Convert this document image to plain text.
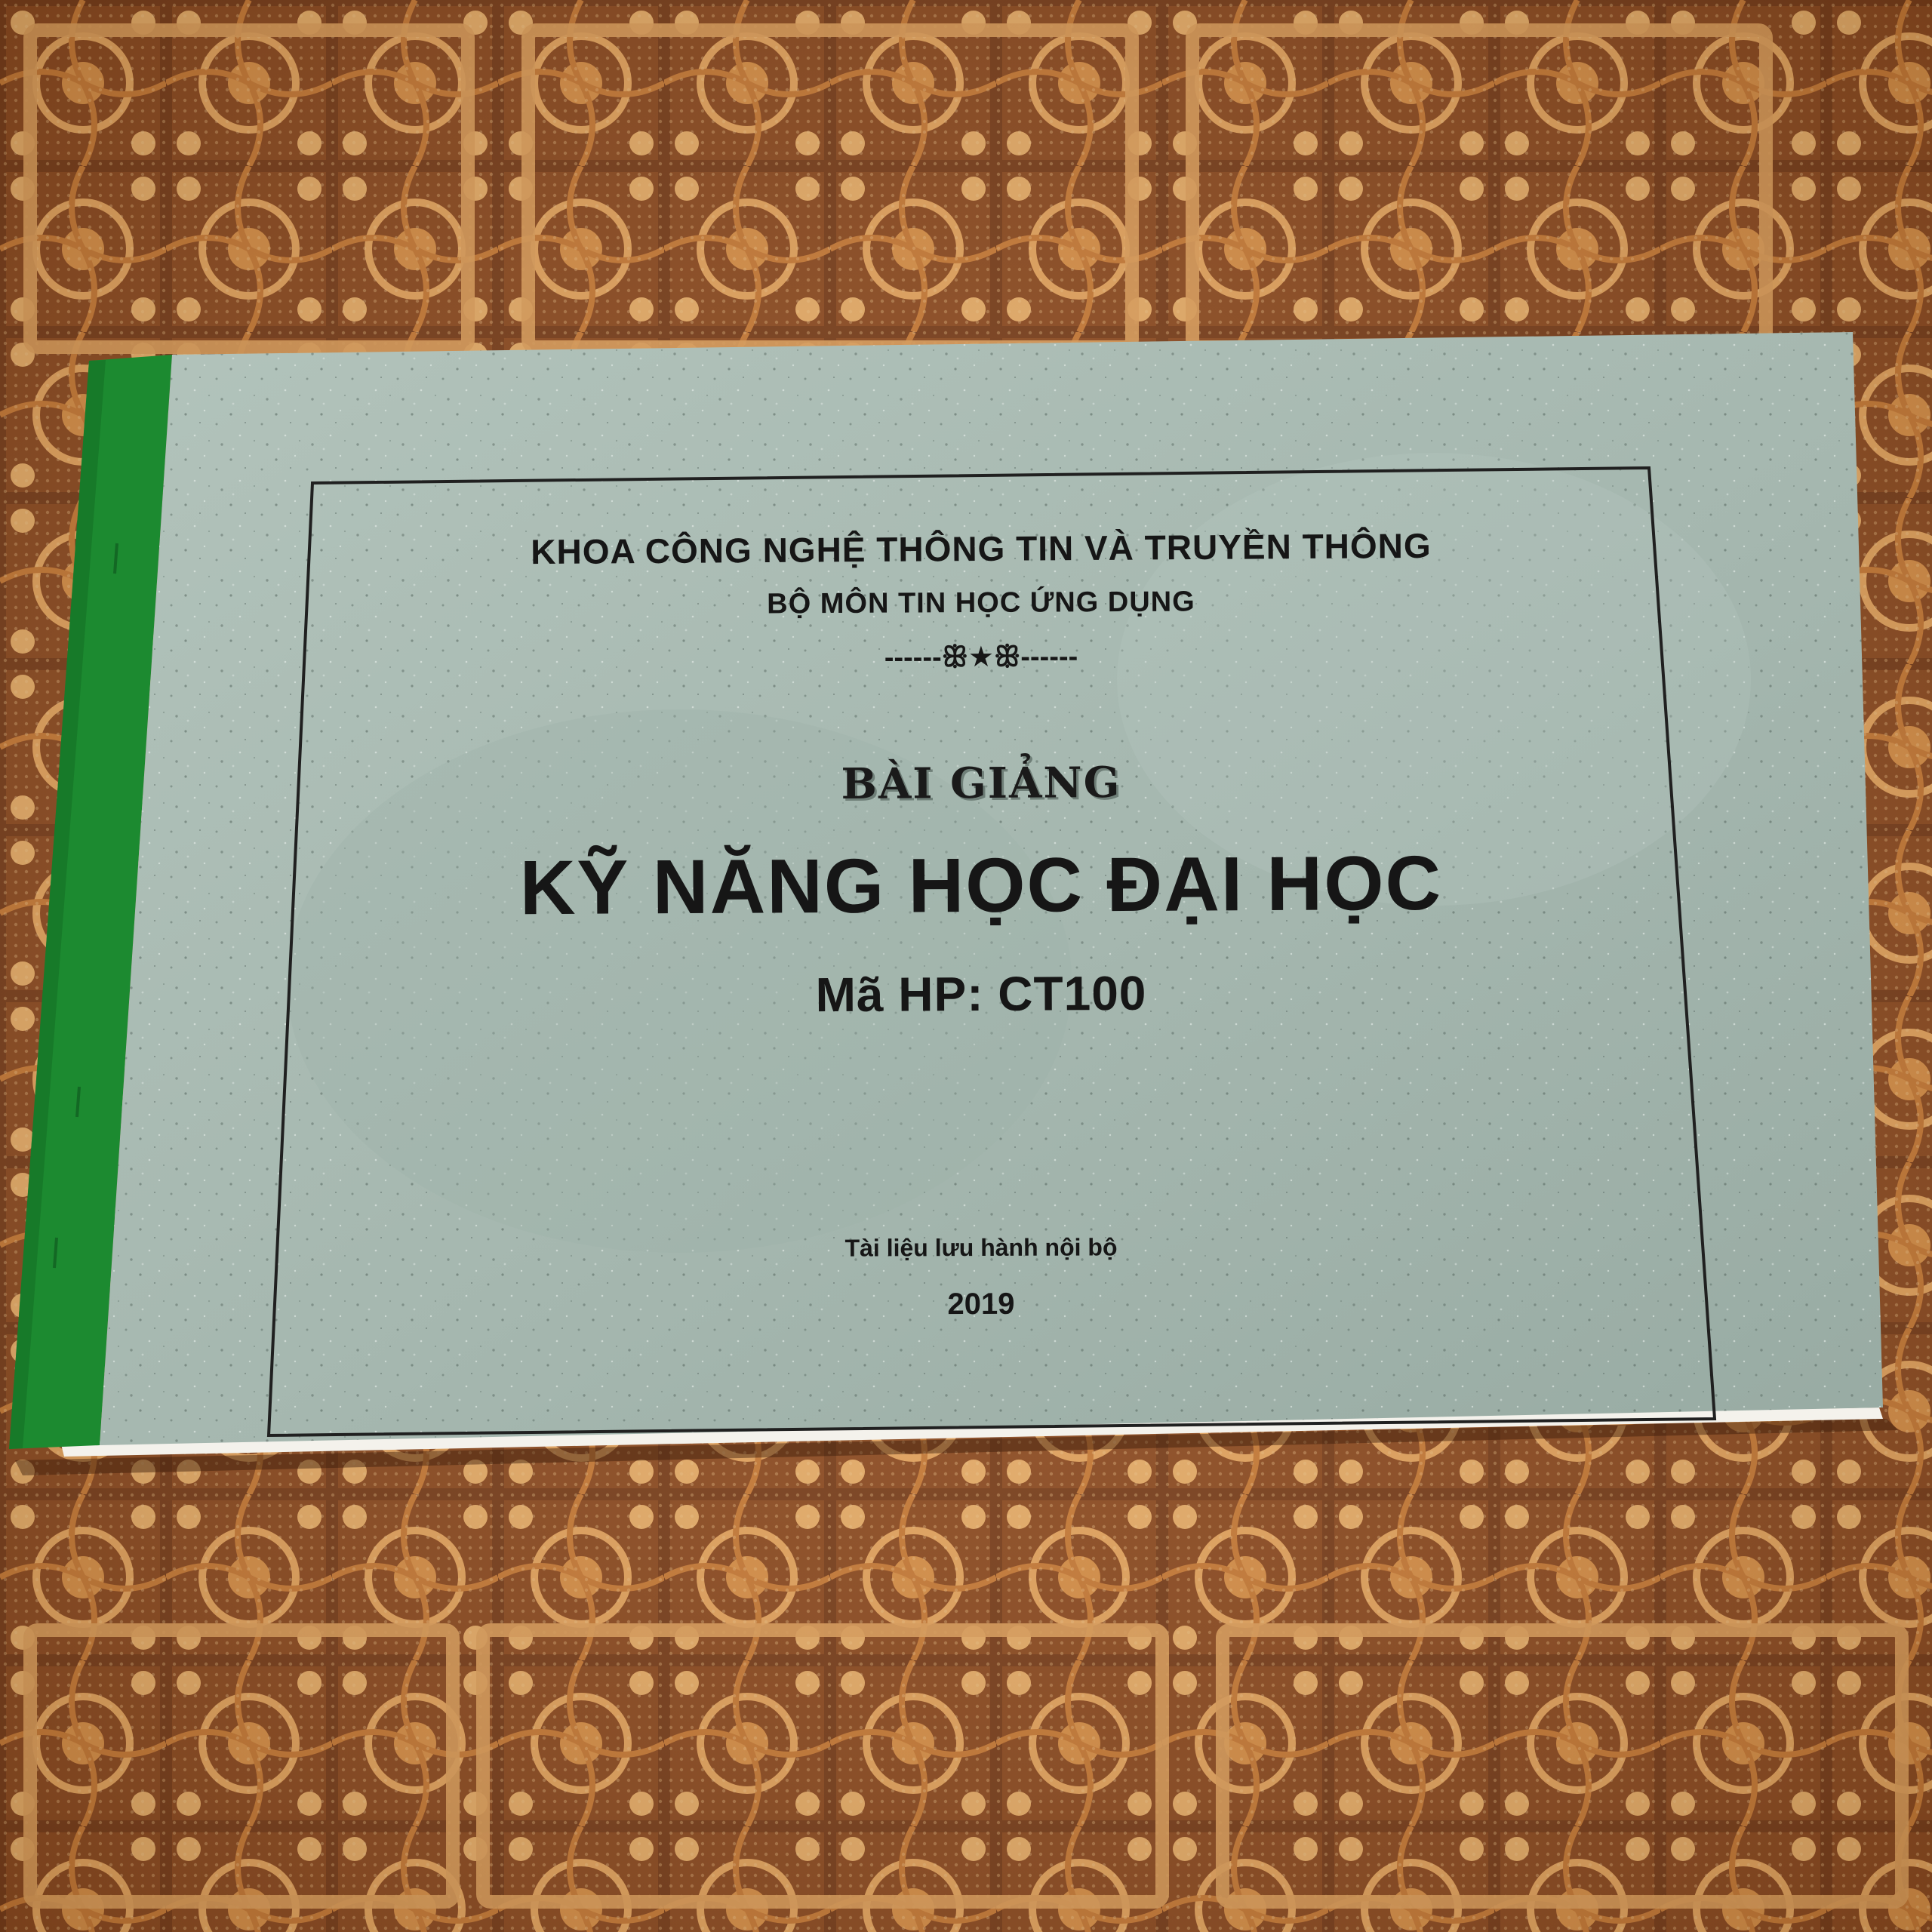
KHOA CÔNG NGHỆ THÔNG TIN VÀ TRUYỀN THÔNG
BỘ MÔN TIN HỌC ỨNG DỤNG
------ꕥ★ꕥ------
BÀI GIẢNG
KỸ NĂNG HỌC ĐẠI HỌC
Mã HP: CT100
Tài liệu lưu hành nội bộ
2019
